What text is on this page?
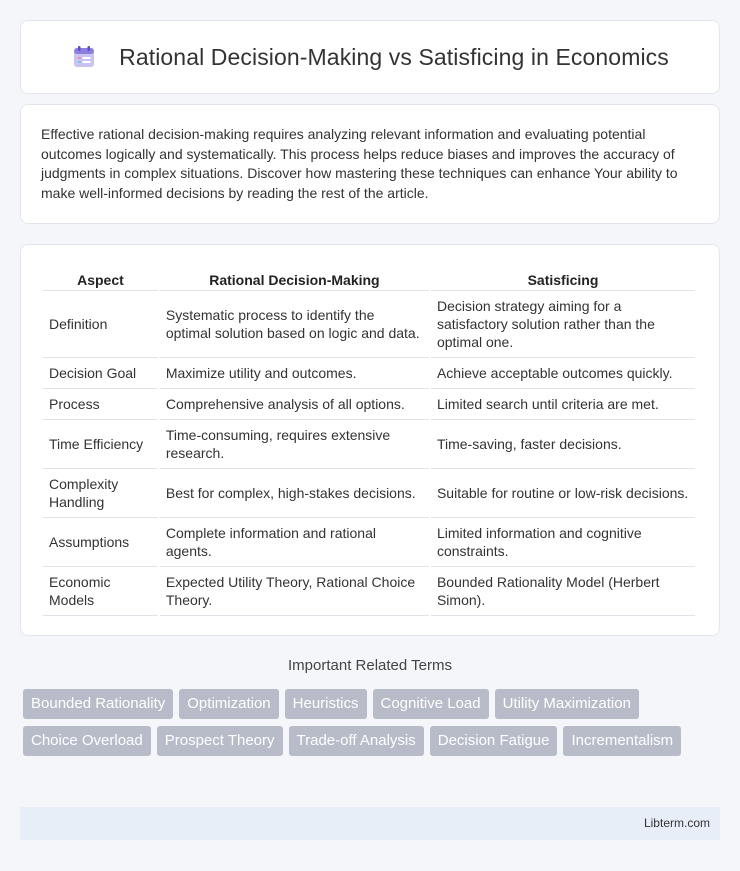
Rational Decision-Making vs Satisficing in Economics

Effective rational decision-making requires analyzing relevant information and evaluating potential outcomes logically and systematically. This process helps reduce biases and improves the accuracy of judgments in complex situations. Discover how mastering these techniques can enhance Your ability to make well-informed decisions by reading the rest of the article.

Aspect	Rational Decision-Making	Satisficing
Definition	Systematic process to identify the optimal solution based on logic and data.	Decision strategy aiming for a satisfactory solution rather than the optimal one.
Decision Goal	Maximize utility and outcomes.	Achieve acceptable outcomes quickly.
Process	Comprehensive analysis of all options.	Limited search until criteria are met.
Time Efficiency	Time-consuming, requires extensive research.	Time-saving, faster decisions.
Complexity Handling	Best for complex, high-stakes decisions.	Suitable for routine or low-risk decisions.
Assumptions	Complete information and rational agents.	Limited information and cognitive constraints.
Economic Models	Expected Utility Theory, Rational Choice Theory.	Bounded Rationality Model (Herbert Simon).
Important Related Terms
Bounded Rationality	Optimization	Heuristics	Cognitive Load	Utility Maximization
Choice Overload	Prospect Theory	Trade-off Analysis	Decision Fatigue	Incrementalism
Libterm.com
